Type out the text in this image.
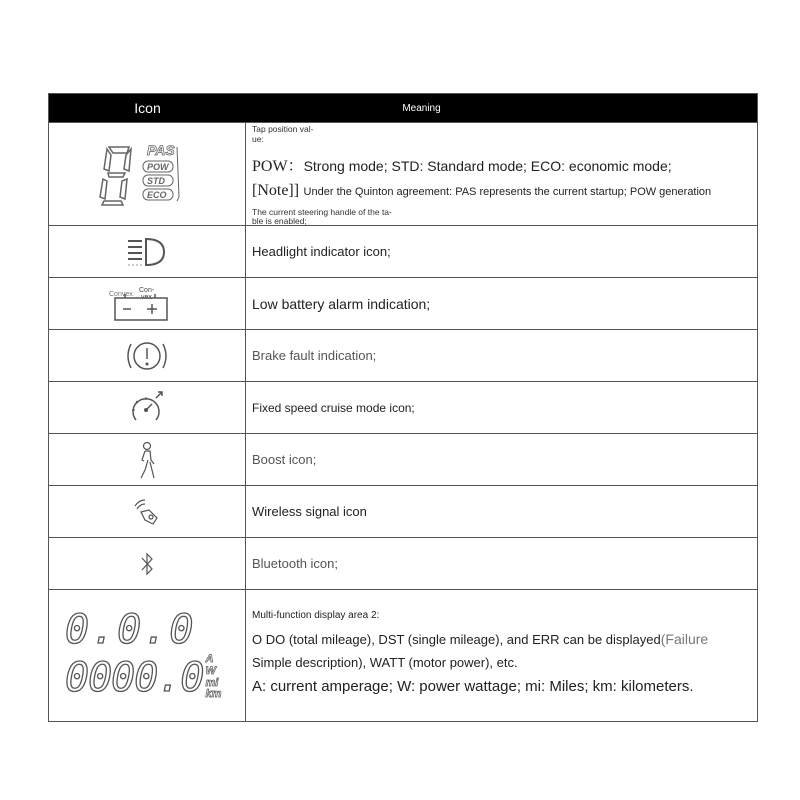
Icon	Meaning
PAS
POW
STD
ECO
Tap position val-
ue:
POW：Strong mode; STD: Standard mode; ECO: economic mode;
[Note]] Under the Quinton agreement: PAS represents the current startup; POW generation
The current steering handle of the ta-
ble is enabled;
Headlight indicator icon;
Convex
Con-
vex	Low battery alarm indication;
Brake fault indication;
Fixed speed cruise mode icon;
Boost icon;
Wireless signal icon
Bluetooth icon;
0.0.0
0000.0 A
W
mi
km
Multi-function display area 2:
O DO (total mileage), DST (single mileage), and ERR can be displayed(Failure
Simple description), WATT (motor power), etc.
A: current amperage; W: power wattage; mi: Miles; km: kilometers.
